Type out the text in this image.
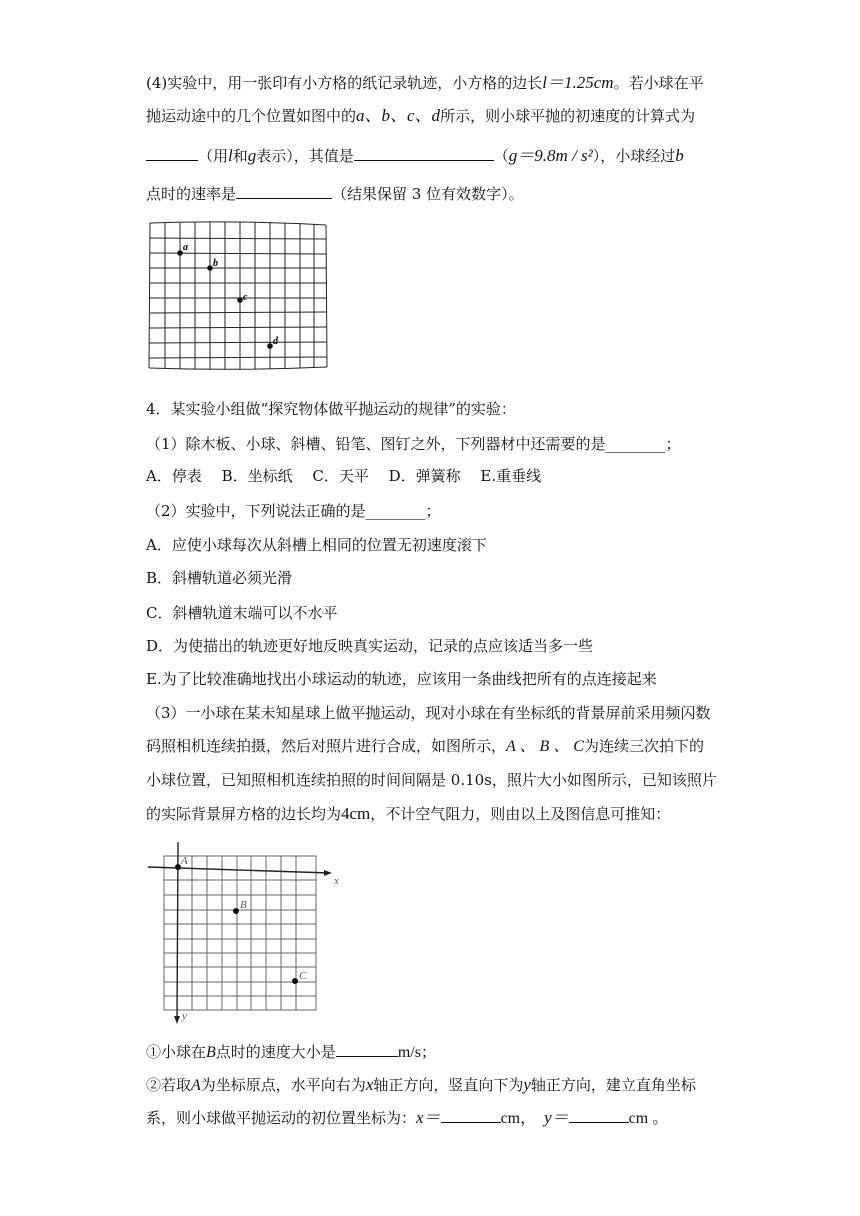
(4)实验中，用一张印有小方格的纸记录轨迹，小方格的边长l＝1.25cm。若小球在平
抛运动途中的几个位置如图中的a、b、c、d所示，则小球平抛的初速度的计算式为
（用l和g表示），其值是	（g＝9.8m / s²），小球经过b
点时的速率是	（结果保留 3 位有效数字）。
a
b
c
d
4．某实验小组做“探究物体做平抛运动的规律”的实验：
（1）除木板、小球、斜槽、铅笔、图钉之外，下列器材中还需要的是________；
A．停表　 B．坐标纸　 C．天平　 D．弹簧称　 E.重垂线
（2）实验中，下列说法正确的是________；
A．应使小球每次从斜槽上相同的位置无初速度滚下
B．斜槽轨道必须光滑
C．斜槽轨道末端可以不水平
D．为使描出的轨迹更好地反映真实运动，记录的点应该适当多一些
E.为了比较准确地找出小球运动的轨迹，应该用一条曲线把所有的点连接起来
（3）一小球在某未知星球上做平抛运动，现对小球在有坐标纸的背景屏前采用频闪数
码照相机连续拍摄，然后对照片进行合成，如图所示，A 、 B 、 C为连续三次拍下的
小球位置，已知照相机连续拍照的时间间隔是 0.10s，照片大小如图所示，已知该照片
的实际背景屏方格的边长均为4cm，不计空气阻力，则由以上及图信息可推知：
A
B
C
x
y
①小球在B点时的速度大小是	m/s；
②若取A为坐标原点，水平向右为x轴正方向，竖直向下为y轴正方向，建立直角坐标
系，则小球做平抛运动的初位置坐标为：x＝	cm， y＝	cm 。
